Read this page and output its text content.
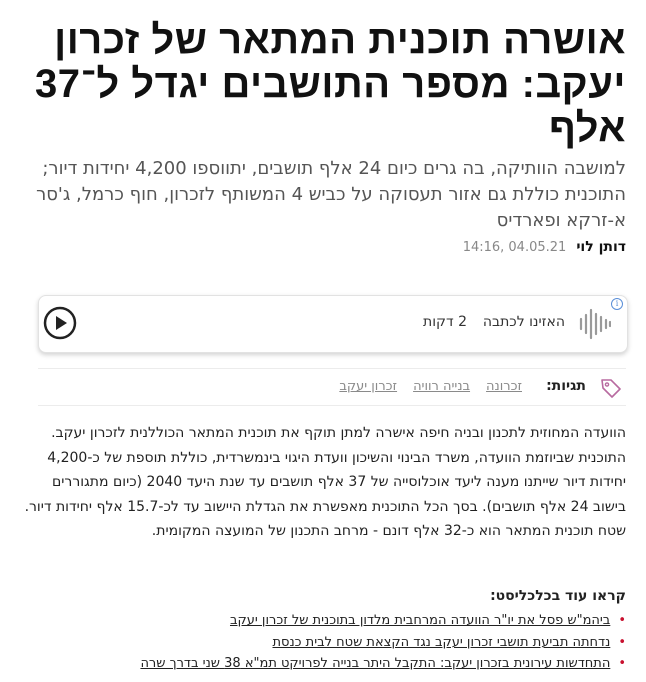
אושרה תוכנית המתאר של זכרון יעקב: מספר התושבים יגדל ל־37 אלף

למושבה הוותיקה, בה גרים כיום 24 אלף תושבים, יתווספו 4,200 יחידות דיור; התוכנית כוללת גם אזור תעסוקה על כביש 4 המשותף לזכרון, חוף כרמל, ג'סר א-זרקא ופארדיס

דותן לוי
14:16, 04.05.21
i
האזינו לכתבה
2 דקות
תגיות:
זכרונה
בנייה רוויה
זכרון יעקב

הוועדה המחוזית לתכנון ובניה חיפה אישרה למתן תוקף את תוכנית המתאר הכוללנית לזכרון יעקב. התוכנית שביוזמת הוועדה, משרד הבינוי והשיכון וועדת היגוי בינמשרדית, כוללת תוספת של כ-4,200 יחידות דיור שייתנו מענה ליעד אוכלוסייה של 37 אלף תושבים עד שנת היעד 2040 (כיום מתגוררים בישוב 24 אלף תושבים). בסך הכל התוכנית מאפשרת את הגדלת היישוב עד לכ-15.7 אלף יחידות דיור. שטח תוכנית המתאר הוא כ-32 אלף דונם - מרחב התכנון של המועצה המקומית.

קראו עוד בכלכליסט:
•ביהמ"ש פסל את יו"ר הוועדה המרחבית מלדון בתוכנית של זכרון יעקב
•נדחתה תביעת תושבי זכרון יעקב נגד הקצאת שטח לבית כנסת
•התחדשות עירונית בזכרון יעקב: התקבל היתר בנייה לפרויקט תמ"א 38 שני בדרך שרה
